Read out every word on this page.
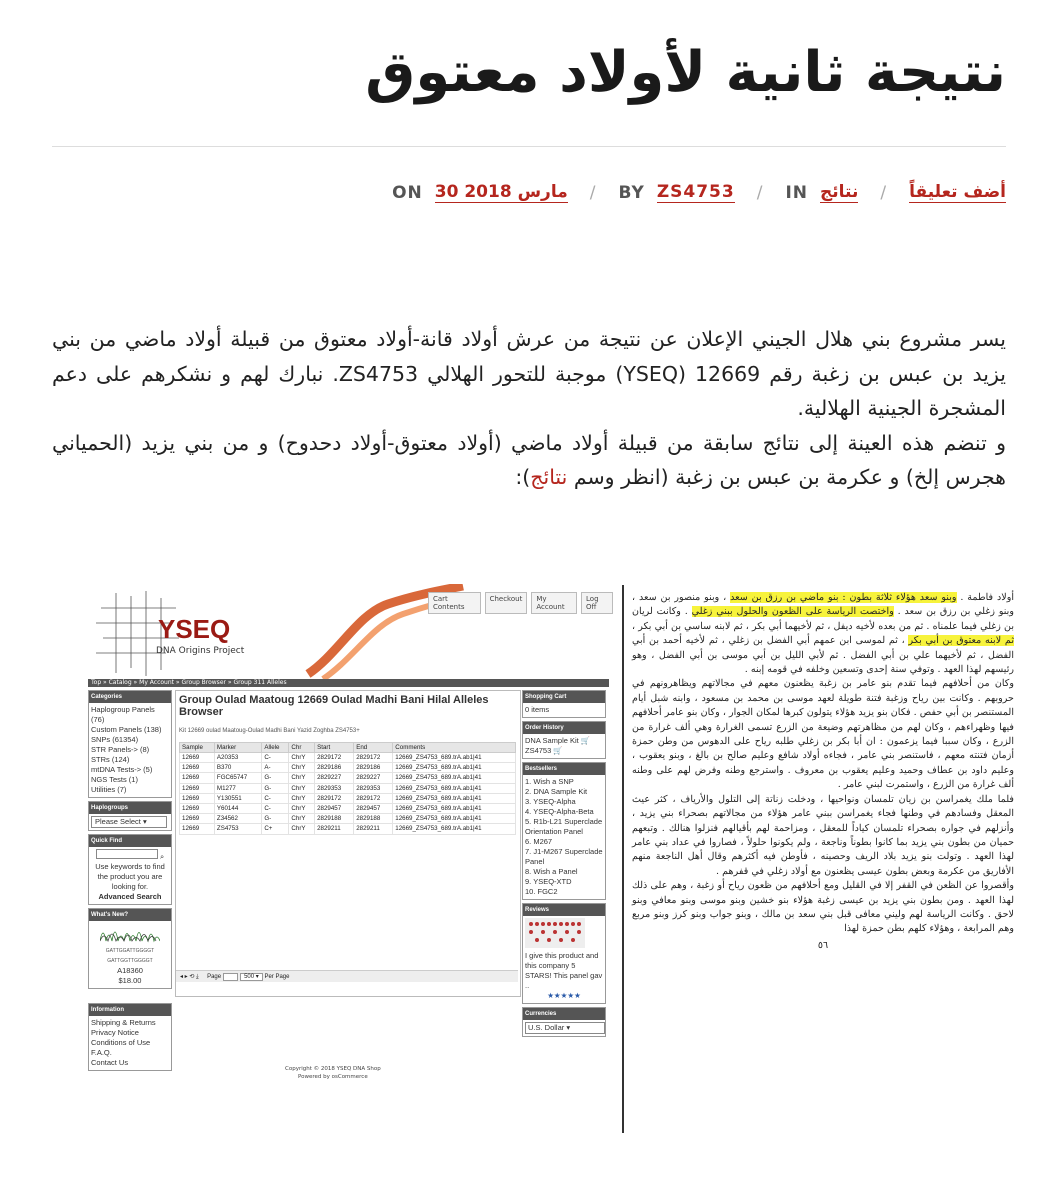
نتيجة ثانية لأولاد معتوق
ON 30 مارس 2018 / BY ZS4753 / IN نتائج / أضف تعليقاً

يسر مشروع بني هلال الجيني الإعلان عن نتيجة من عرش أولاد قانة-أولاد معتوق من قبيلة أولاد ماضي من بني يزيد بن عبس بن زغبة رقم 12669 (YSEQ) موجبة للتحور الهلالي ZS4753. نبارك لهم و نشكرهم على دعم المشجرة الجينية الهلالية.

و تنضم هذه العينة إلى نتائج سابقة من قبيلة أولاد ماضي (أولاد معتوق-أولاد دحدوح) و من بني يزيد (الحمياني هجرس إلخ) و عكرمة بن عبس بن زغبة (انظر وسم نتائج):

YSEQ
DNA Origins Project
Cart Contents
Checkout	My Account
Log Off
Top » Catalog » My Account » Group Browser » Group 311 Alleles
Categories
Haplogroup Panels (76)
Custom Panels (138)
SNPs (61354)
STR Panels-> (8)
STRs (124)
mtDNA Tests-> (5)
NGS Tests (1)
Utilities (7)
Haplogroups
Please Select ▾
Quick Find
⌕
Use keywords to find the product you are looking for.
Advanced Search
What's New?
GATTGGATTGGGGT
GATTGGTTGGGGT
A18360
$18.00
Information
Shipping & Returns
Privacy Notice
Conditions of Use
F.A.Q.
Contact Us
Group Oulad Maatoug 12669 Oulad Madhi Bani Hilal Alleles Browser
Kit 12669 oulad Maatoug-Oulad Madhi Bani Yazid Zoghba ZS4753+
Sample	Marker	Allele	Chr	Start	End	Comments
12669	A20353	C-	ChrY	2829172	2829172	12669_ZS4753_689.trA.ab1|41
12669	B370	A-	ChrY	2829186	2829186	12669_ZS4753_689.trA.ab1|41
12669	FGC65747	G-	ChrY	2829227	2829227	12669_ZS4753_689.trA.ab1|41
12669	M1277	G-	ChrY	2829353	2829353	12669_ZS4753_689.trA.ab1|41
12669	Y130551	C-	ChrY	2829172	2829172	12669_ZS4753_689.trA.ab1|41
12669	Y60144	C-	ChrY	2829457	2829457	12669_ZS4753_689.trA.ab1|41
12669	Z34562	G-	ChrY	2829188	2829188	12669_ZS4753_689.trA.ab1|41
12669	ZS4753	C+	ChrY	2829211	2829211	12669_ZS4753_689.trA.ab1|41
◂ ▸ ⟲ ⤓ Page	500 ▾ Per Page
Shopping Cart
0 items
Order History
DNA Sample Kit 🛒
ZS4753 🛒
Bestsellers
1. Wish a SNP
2. DNA Sample Kit
3. YSEQ-Alpha
4. YSEQ-Alpha-Beta
5. R1b-L21 Superclade Orientation Panel
6. M267
7. J1-M267 Superclade Panel
8. Wish a Panel
9. YSEQ-XTD
10. FGC2
Reviews
I give this product and this company 5 STARS! This panel gav ..
★★★★★
Currencies
U.S. Dollar ▾
Copyright © 2018 YSEQ DNA Shop
Powered by osCommerce
أولاد فاطمة . وبنو سعد هؤلاء ثلاثة بطون : بنو ماضي بن رزق بن سعد ، وبنو منصور بن سعد ، وبنو زغلي بن رزق بن سعد . واختصت الرياسة على الظعون والحلول ببني زغلي . وكانت لريان بن زغلي فيما علمناه . ثم من بعده لأخيه ديفل ، ثم لأخيهما أبي بكر ، ثم لابنه ساسي بن أبي بكر ، ثم لابنه معتوق بن أبي بكر ، ثم لموسى ابن عمهم أبي الفضل بن زغلي ، ثم لأخيه أحمد بن أبي الفضل ، ثم لأخيهما علي بن أبي الفضل . ثم لأبي الليل بن أبي موسى بن أبي الفضل ، وهو رئيسهم لهذا العهد . وتوفي سنة إحدى وتسعين وخلفه في قومه إبنه .
وكان من أحلافهم فيما تقدم بنو عامر بن زغبة يظعنون معهم في مجالاتهم ويظاهرونهم في حروبهم . وكانت بين رياح وزغبة فتنة طويلة لعهد موسى بن محمد بن مسعود ، وابنه شبل أيام المستنصر بن أبي حفص . فكان بنو يزيد هؤلاء يتولون كبرها لمكان الجوار ، وكان بنو عامر أحلافهم فيها وظهراءهم ، وكان لهم من مظاهرتهم وضيعة من الزرع تسمى الغرارة وهي ألف غرارة من الزرع ، وكان سببا فيما يزعمون : ان أبا بكر بن زغلي طلبه رياح على الدهوس من وطن حمزة أزمان فتنته معهم ، فاستنصر بني عامر ، فجاءه أولاد شافع وعليم صالح بن بالغ ، وبنو يعقوب ، وعليم داود بن عطاف وحميد وعليم يعقوب بن معروف . واسترجع وطنه وفرض لهم على وطنه ألف غرارة من الزرع ، واستمرت لبني عامر .
فلما ملك يغمراسن بن زيان تلمسان ونواحيها ، ودخلت زناتة إلى التلول والأرياف ، كثر عيث المعقل وفسادهم في وطنها فجاء يغمراسن ببني عامر هؤلاء من مجالاتهم بصحراء بني يزيد ، وأنزلهم في جواره بصحراء تلمسان كياداً للمعقل ، ومزاحمة لهم بأقيالهم فنزلوا هنالك . وتبعهم حميان من بطون بني يزيد بما كانوا بطوناً وناجعة ، ولم يكونوا حلولاً ، فصاروا في عداد بني عامر لهذا العهد . وتولت بنو يزيد بلاد الريف وحصينه ، فأوطن فيه أكثرهم وقال أهل الناجعة منهم الأفاريق من عكرمة وبعض بطون عيسى يظعنون مع أولاد زغلي في قفرهم .
وأقصروا عن الظعن في القفر إلا في القليل ومع أحلافهم من ظعون رياح أو زغبة ، وهم على ذلك لهذا العهد . ومن بطون بني يزيد بن عيسى زغبة هؤلاء بنو خشين وبنو موسى وبنو معافي وبنو لاحق . وكانت الرياسة لهم وليني معافى قبل بني سعد بن مالك ، وبنو جواب وبنو كرز وبنو مربع وهم المرابعة ، وهؤلاء كلهم بطن حمزة لهذا
٥٦
